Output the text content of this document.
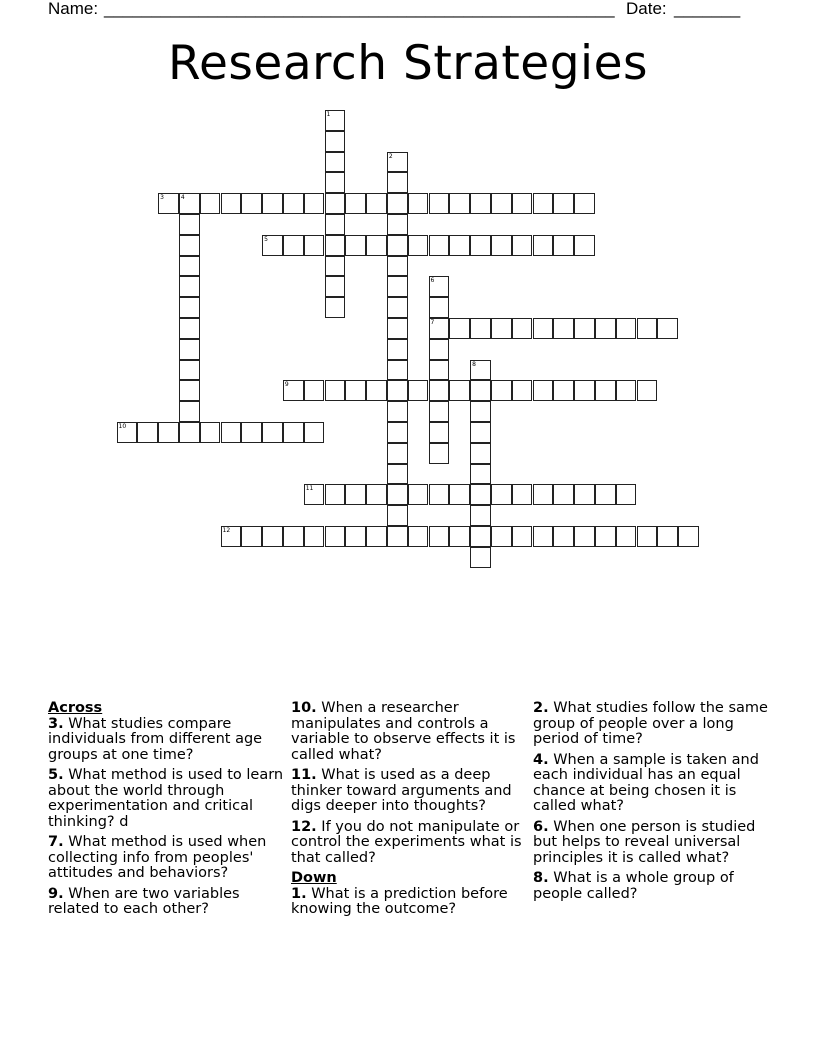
Name: ______________________________________________________ Date: _______
Research Strategies
1
2
3	4
5
6
7
8
9
10
11
12
Across
3. What studies compare individuals from different age groups at one time?
5. What method is used to learn about the world through experimentation and critical thinking? d
7. What method is used when collecting info from peoples' attitudes and behaviors?
9. When are two variables related to each other?
10. When a researcher manipulates and controls a variable to observe effects it is called what?
11. What is used as a deep thinker toward arguments and digs deeper into thoughts?
12. If you do not manipulate or control the experiments what is that called?
Down
1. What is a prediction before knowing the outcome?
2. What studies follow the same group of people over a long period of time?
4. When a sample is taken and each individual has an equal chance at being chosen it is called what?
6. When one person is studied but helps to reveal universal principles it is called what?
8. What is a whole group of people called?
